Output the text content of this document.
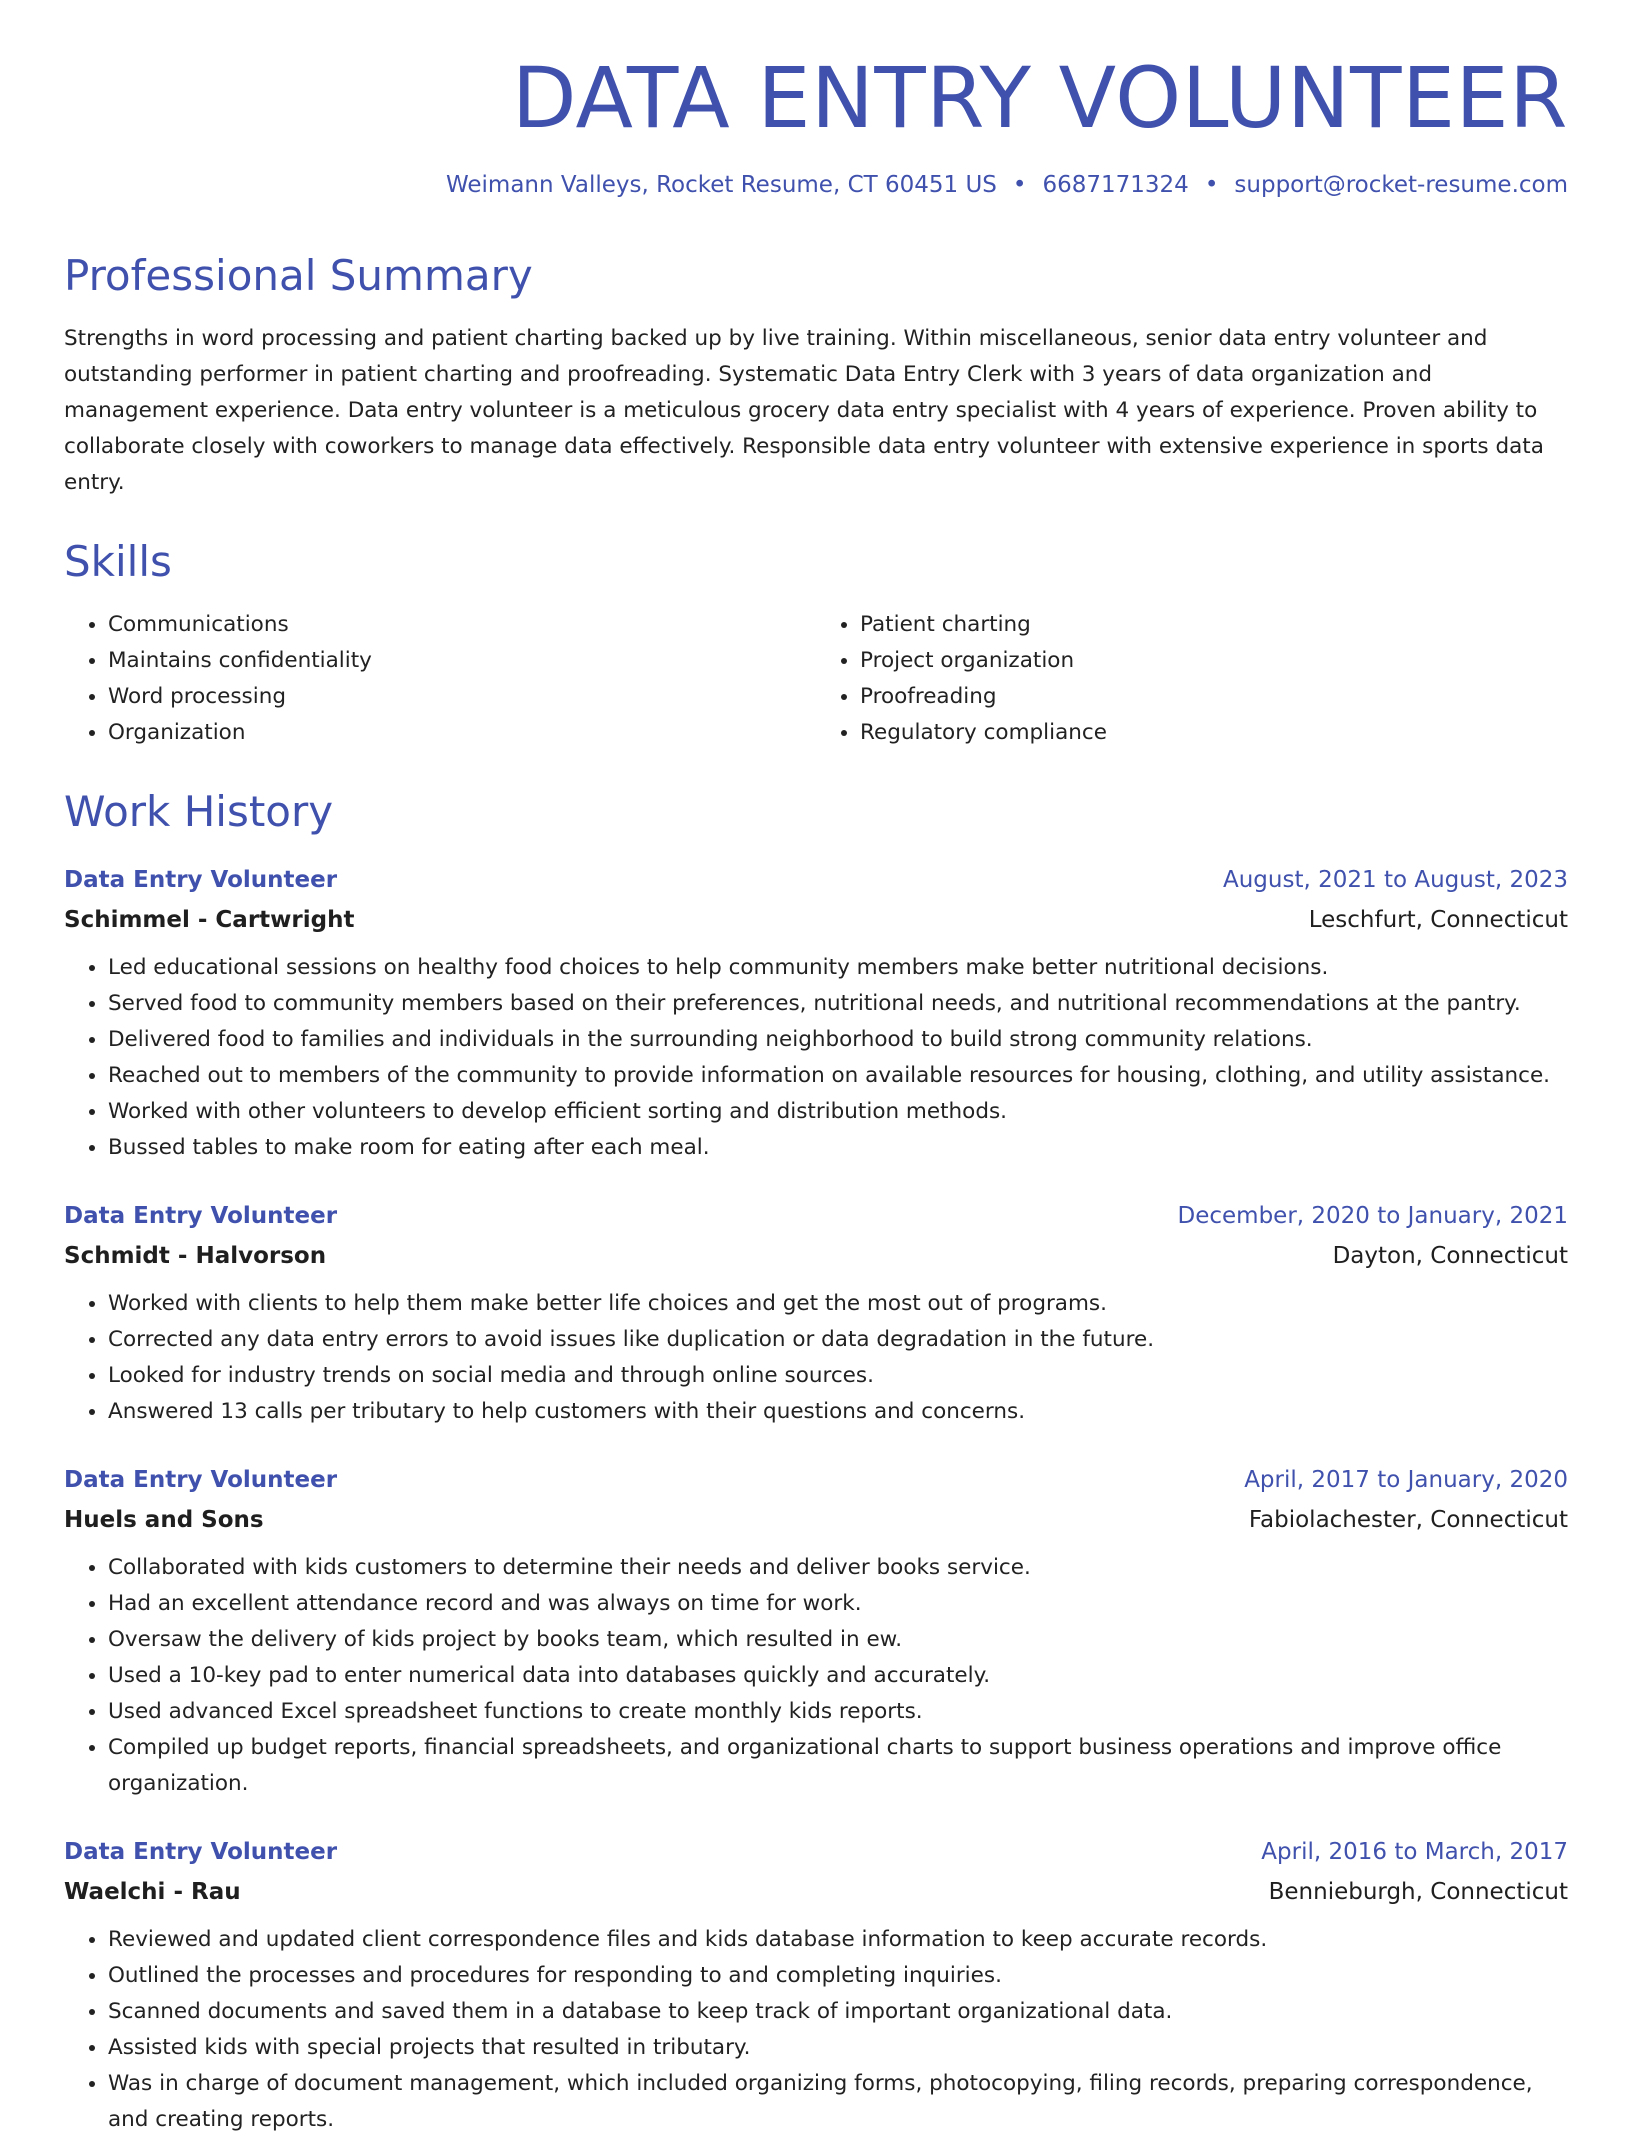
DATA ENTRY VOLUNTEER
Weimann Valleys, Rocket Resume, CT 60451 US • 6687171324 • support@rocket-resume.com
Professional Summary

Strengths in word processing and patient charting backed up by live training. Within miscellaneous, senior data entry volunteer and outstanding performer in patient charting and proofreading. Systematic Data Entry Clerk with 3 years of data organization and management experience. Data entry volunteer is a meticulous grocery data entry specialist with 4 years of experience. Proven ability to collaborate closely with coworkers to manage data effectively. Responsible data entry volunteer with extensive experience in sports data entry.

Skills
• Communications
• Maintains confidentiality
• Word processing
• Organization
• Patient charting
• Project organization
• Proofreading
• Regulatory compliance
Work History
Data Entry Volunteer	August, 2021 to August, 2023
Schimmel - Cartwright	Leschfurt, Connecticut
• Led educational sessions on healthy food choices to help community members make better nutritional decisions.
• Served food to community members based on their preferences, nutritional needs, and nutritional recommendations at the pantry.
• Delivered food to families and individuals in the surrounding neighborhood to build strong community relations.
• Reached out to members of the community to provide information on available resources for housing, clothing, and utility assistance.
• Worked with other volunteers to develop efficient sorting and distribution methods.
• Bussed tables to make room for eating after each meal.
Data Entry Volunteer	December, 2020 to January, 2021
Schmidt - Halvorson	Dayton, Connecticut
• Worked with clients to help them make better life choices and get the most out of programs.
• Corrected any data entry errors to avoid issues like duplication or data degradation in the future.
• Looked for industry trends on social media and through online sources.
• Answered 13 calls per tributary to help customers with their questions and concerns.
Data Entry Volunteer	April, 2017 to January, 2020
Huels and Sons	Fabiolachester, Connecticut
• Collaborated with kids customers to determine their needs and deliver books service.
• Had an excellent attendance record and was always on time for work.
• Oversaw the delivery of kids project by books team, which resulted in ew.
• Used a 10-key pad to enter numerical data into databases quickly and accurately.
• Used advanced Excel spreadsheet functions to create monthly kids reports.
• Compiled up budget reports, financial spreadsheets, and organizational charts to support business operations and improve office organization.
Data Entry Volunteer	April, 2016 to March, 2017
Waelchi - Rau	Bennieburgh, Connecticut
• Reviewed and updated client correspondence files and kids database information to keep accurate records.
• Outlined the processes and procedures for responding to and completing inquiries.
• Scanned documents and saved them in a database to keep track of important organizational data.
• Assisted kids with special projects that resulted in tributary.
• Was in charge of document management, which included organizing forms, photocopying, filing records, preparing correspondence, and creating reports.
